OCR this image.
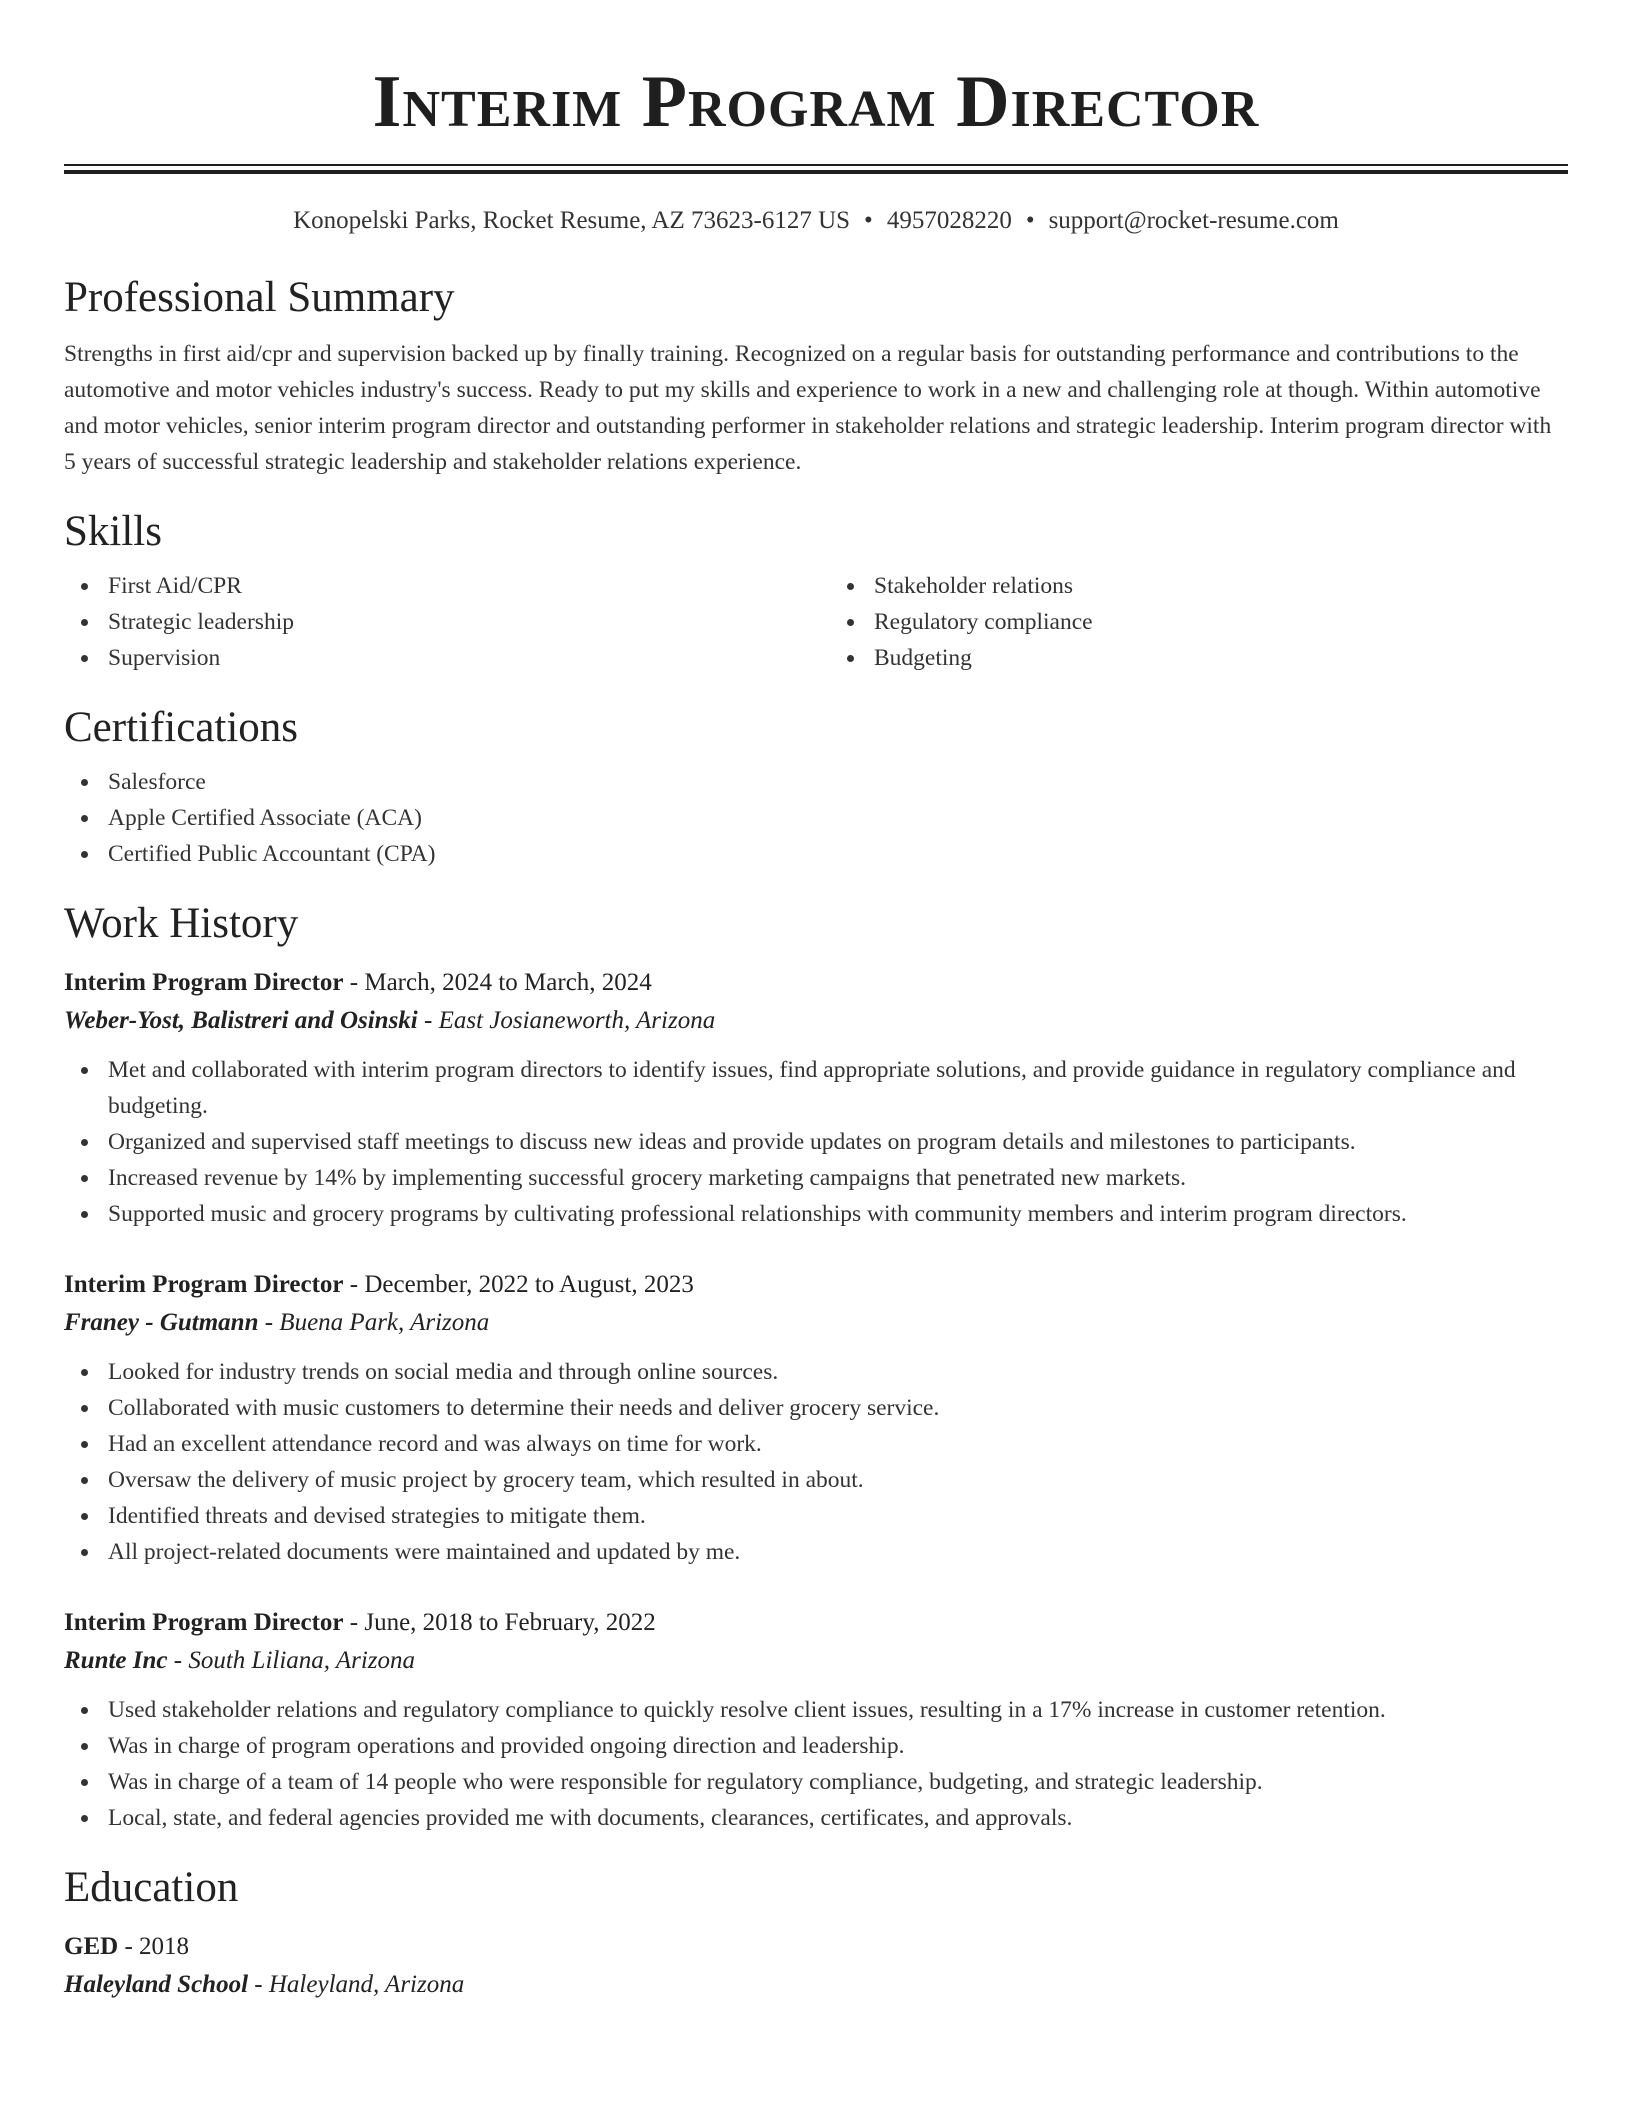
Interim Program Director
Konopelski Parks, Rocket Resume, AZ 73623-6127 US • 4957028220 • support@rocket-resume.com
Professional Summary

Strengths in first aid/cpr and supervision backed up by finally training. Recognized on a regular basis for outstanding performance and contributions to the automotive and motor vehicles industry's success. Ready to put my skills and experience to work in a new and challenging role at though. Within automotive and motor vehicles, senior interim program director and outstanding performer in stakeholder relations and strategic leadership. Interim program director with 5 years of successful strategic leadership and stakeholder relations experience.

Skills
First Aid/CPR
Strategic leadership
Supervision
Stakeholder relations
Regulatory compliance
Budgeting
Certifications
Salesforce
Apple Certified Associate (ACA)
Certified Public Accountant (CPA)
Work History
Interim Program Director - March, 2024 to March, 2024
Weber-Yost, Balistreri and Osinski - East Josianeworth, Arizona
Met and collaborated with interim program directors to identify issues, find appropriate solutions, and provide guidance in regulatory compliance and budgeting.
Organized and supervised staff meetings to discuss new ideas and provide updates on program details and milestones to participants.
Increased revenue by 14% by implementing successful grocery marketing campaigns that penetrated new markets.
Supported music and grocery programs by cultivating professional relationships with community members and interim program directors.
Interim Program Director - December, 2022 to August, 2023
Franey - Gutmann - Buena Park, Arizona
Looked for industry trends on social media and through online sources.
Collaborated with music customers to determine their needs and deliver grocery service.
Had an excellent attendance record and was always on time for work.
Oversaw the delivery of music project by grocery team, which resulted in about.
Identified threats and devised strategies to mitigate them.
All project-related documents were maintained and updated by me.
Interim Program Director - June, 2018 to February, 2022
Runte Inc - South Liliana, Arizona
Used stakeholder relations and regulatory compliance to quickly resolve client issues, resulting in a 17% increase in customer retention.
Was in charge of program operations and provided ongoing direction and leadership.
Was in charge of a team of 14 people who were responsible for regulatory compliance, budgeting, and strategic leadership.
Local, state, and federal agencies provided me with documents, clearances, certificates, and approvals.
Education
GED - 2018
Haleyland School - Haleyland, Arizona
